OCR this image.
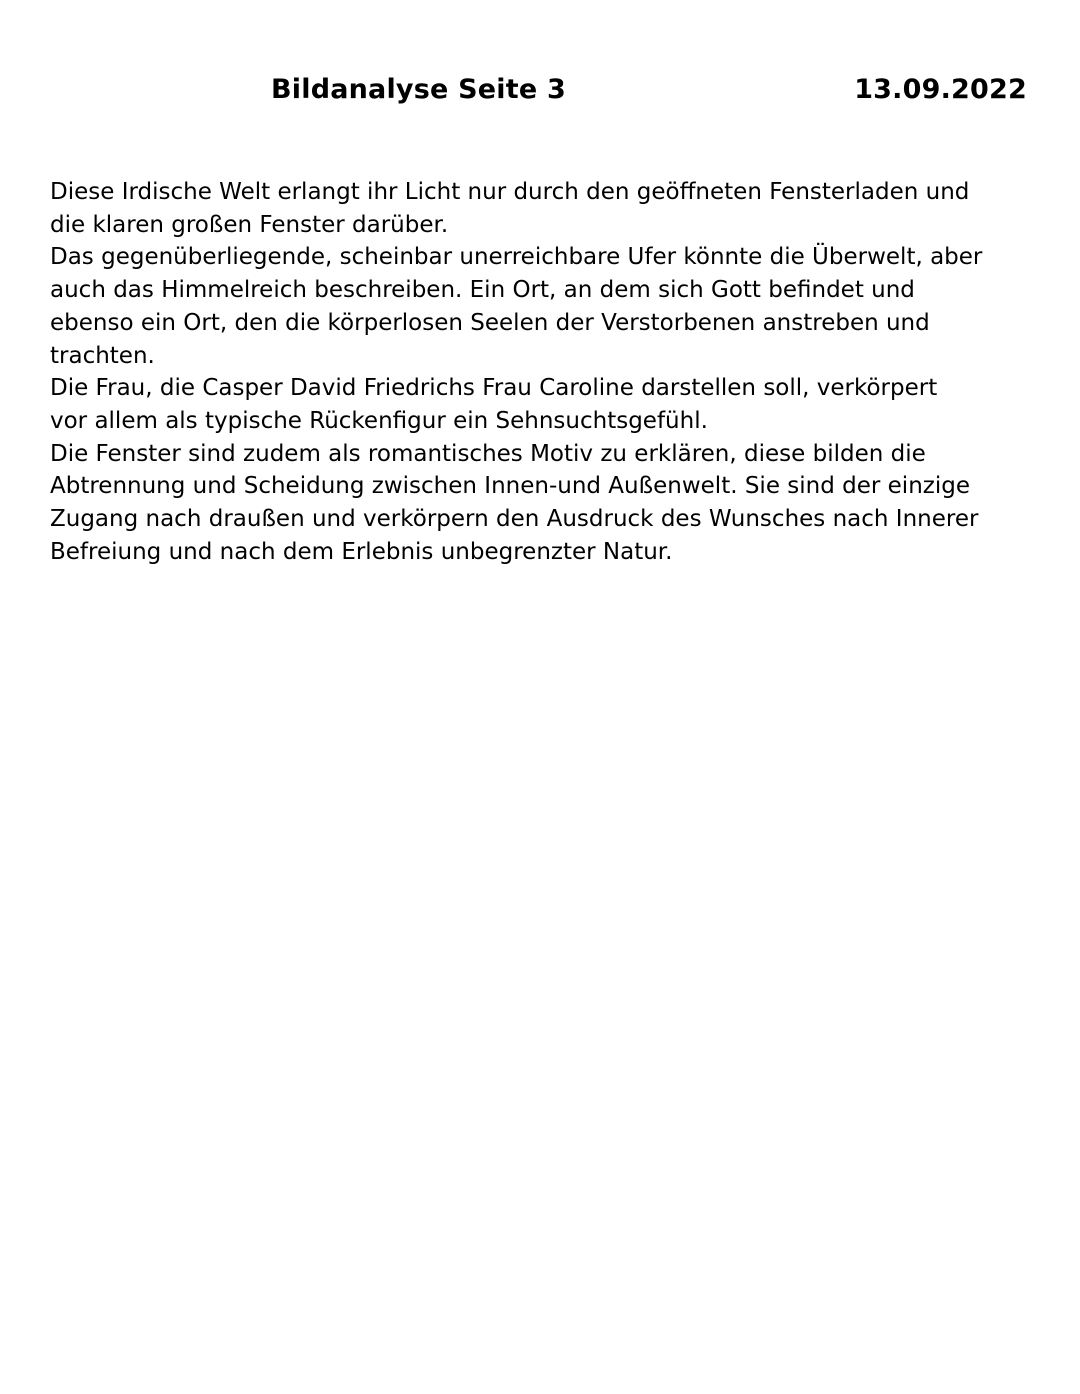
Bildanalyse Seite 3	13.09.2022
Diese Irdische Welt erlangt ihr Licht nur durch den geöffneten Fensterladen und
die klaren großen Fenster darüber.
Das gegenüberliegende, scheinbar unerreichbare Ufer könnte die Überwelt, aber
auch das Himmelreich beschreiben. Ein Ort, an dem sich Gott befindet und
ebenso ein Ort, den die körperlosen Seelen der Verstorbenen anstreben und
trachten.
Die Frau, die Casper David Friedrichs Frau Caroline darstellen soll, verkörpert
vor allem als typische Rückenfigur ein Sehnsuchtsgefühl.
Die Fenster sind zudem als romantisches Motiv zu erklären, diese bilden die
Abtrennung und Scheidung zwischen Innen-und Außenwelt. Sie sind der einzige
Zugang nach draußen und verkörpern den Ausdruck des Wunsches nach Innerer
Befreiung und nach dem Erlebnis unbegrenzter Natur.
